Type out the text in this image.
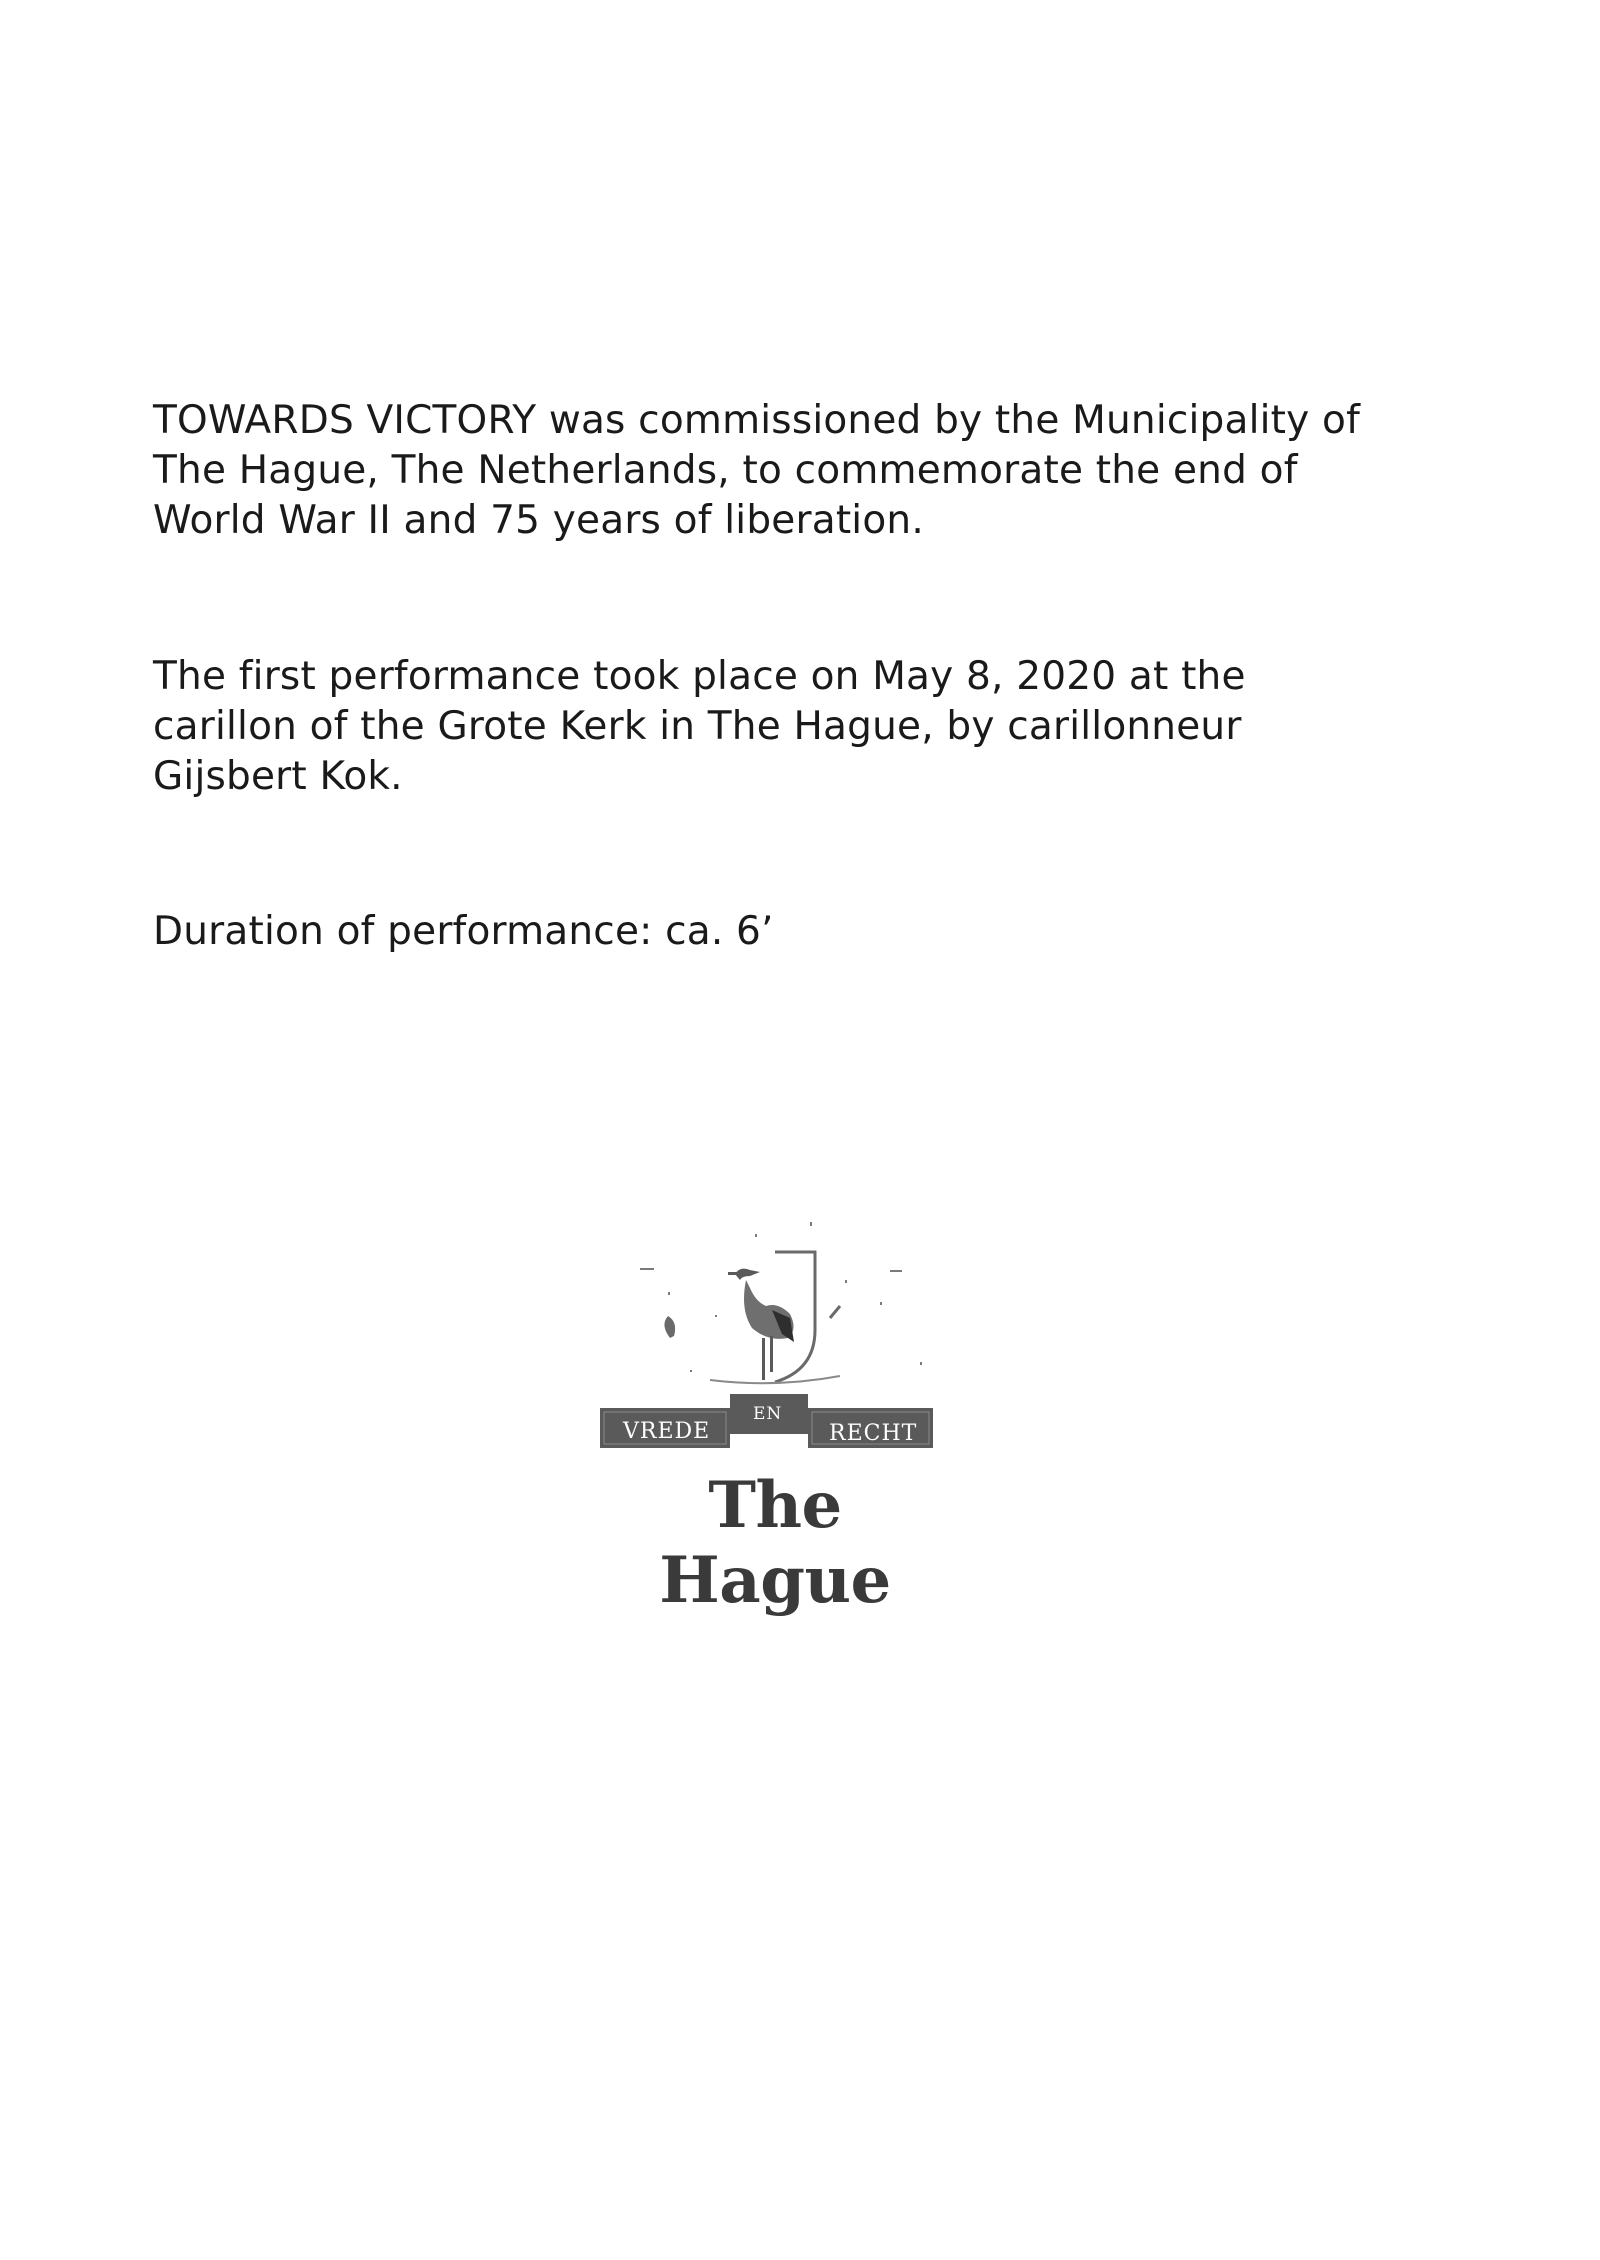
TOWARDS VICTORY was commissioned by the Municipality of
The Hague, The Netherlands, to commemorate the end of
World War II and 75 years of liberation.

The first performance took place on May 8, 2020 at the
carillon of the Grote Kerk in The Hague, by carillonneur
Gijsbert Kok.

Duration of performance: ca. 6’

VREDE
EN
RECHT
The Hague
